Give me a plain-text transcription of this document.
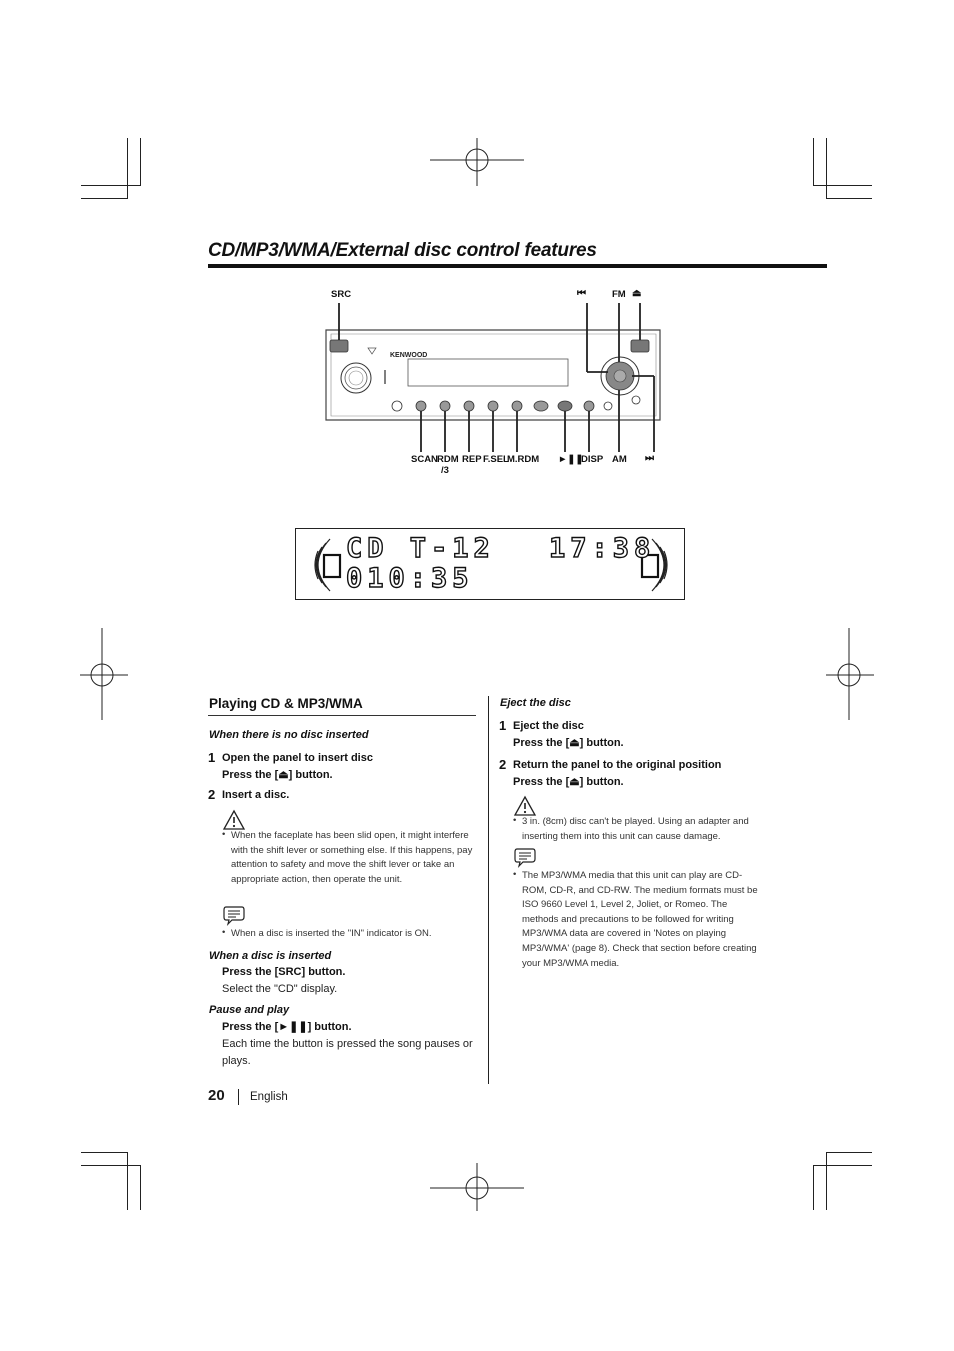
CD/MP3/WMA/External disc control features
SRC	⏮	FM ⏏
KENWOOD
SCAN RDM
/3
REP F.SEL
M.RDM ►❚❚
DISP AM ⏭
CD T-12 17:38
010:35
Playing CD & MP3/WMA
When there is no disc inserted
1 Open the panel to insert disc
Press the [⏏] button.
2 Insert a disc.
• When the faceplate has been slid open, it might interfere with the shift lever or something else. If this happens, pay attention to safety and move the shift lever or take an appropriate action, then operate the unit.
• When a disc is inserted the "IN" indicator is ON.
When a disc is inserted
Press the [SRC] button.
Select the "CD" display.
Pause and play
Press the [►❚❚] button.
Each time the button is pressed the song pauses or plays.
Eject the disc
1 Eject the disc
Press the [⏏] button.
2 Return the panel to the original position
Press the [⏏] button.
• 3 in. (8cm) disc can't be played. Using an adapter and inserting them into this unit can cause damage.
• The MP3/WMA media that this unit can play are CD-ROM, CD-R, and CD-RW. The medium formats must be ISO 9660 Level 1, Level 2, Joliet, or Romeo. The methods and precautions to be followed for writing MP3/WMA data are covered in 'Notes on playing MP3/WMA' (page 8). Check that section before creating your MP3/WMA media.
20 English
